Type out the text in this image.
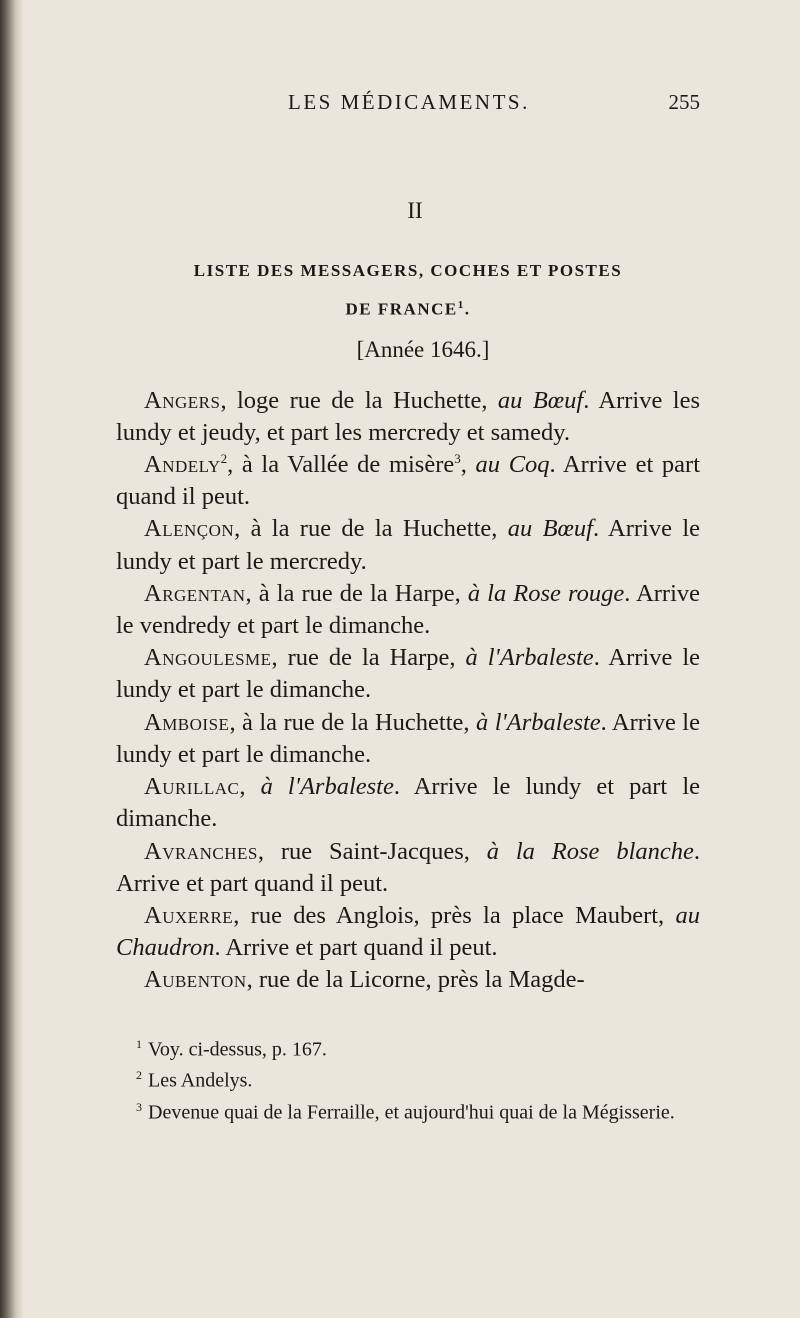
LES MÉDICAMENTS.	255
II
LISTE DES MESSAGERS, COCHES ET POSTES
DE FRANCE$^1$.
[Année 1646.]

Angers, loge rue de la Huchette, au Bœuf. Arrive les lundy et jeudy, et part les mercredy et samedy.

Andely$^2$, à la Vallée de misère$^3$, au Coq. Arrive et part quand il peut.

Alençon, à la rue de la Huchette, au Bœuf. Arrive le lundy et part le mercredy.

Argentan, à la rue de la Harpe, à la Rose rouge. Arrive le vendredy et part le dimanche.

Angoulesme, rue de la Harpe, à l'Arbaleste. Arrive le lundy et part le dimanche.

Amboise, à la rue de la Huchette, à l'Arbaleste. Arrive le lundy et part le dimanche.

Aurillac, à l'Arbaleste. Arrive le lundy et part le dimanche.

Avranches, rue Saint-Jacques, à la Rose blanche. Arrive et part quand il peut.

Auxerre, rue des Anglois, près la place Maubert, au Chaudron. Arrive et part quand il peut.

Aubenton, rue de la Licorne, près la Magde-

$^1$ Voy. ci-dessus, p. 167.

$^2$ Les Andelys.

$^3$ Devenue quai de la Ferraille, et aujourd'hui quai de la Mégisserie.
